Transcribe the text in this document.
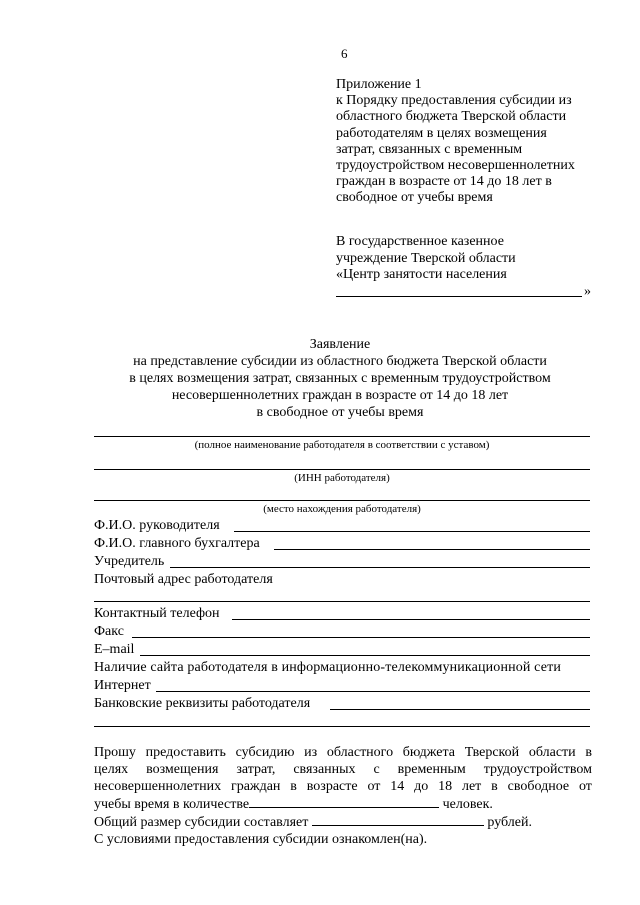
6
Приложение 1
к Порядку предоставления субсидии из
областного бюджета Тверской области
работодателям в целях возмещения
затрат, связанных с временным
трудоустройством несовершеннолетних
граждан в возрасте от 14 до 18 лет в
свободное от учебы время
В государственное казенное
учреждение Тверской области
«Центр занятости населения
»
Заявление
на представление субсидии из областного бюджета Тверской области
в целях возмещения затрат, связанных с временным трудоустройством
несовершеннолетних граждан в возрасте от 14 до 18 лет
в свободное от учебы время
(полное наименование работодателя в соответствии с уставом)
(ИНН работодателя)
(место нахождения работодателя)
Ф.И.О. руководителя
Ф.И.О. главного бухгалтера
Учредитель
Почтовый адрес работодателя
Контактный телефон
Факс
E–mail
Наличие сайта работодателя в информационно-телекоммуникационной сети
Интернет
Банковские реквизиты работодателя
Прошу предоставить субсидию из областного бюджета Тверской области в
целях возмещения затрат, связанных с временным трудоустройством
несовершеннолетних граждан в возрасте от 14 до 18 лет в свободное от
учебы время в количестве	человек.
Общий размер субсидии составляет	рублей.
С условиями предоставления субсидии ознакомлен(на).
